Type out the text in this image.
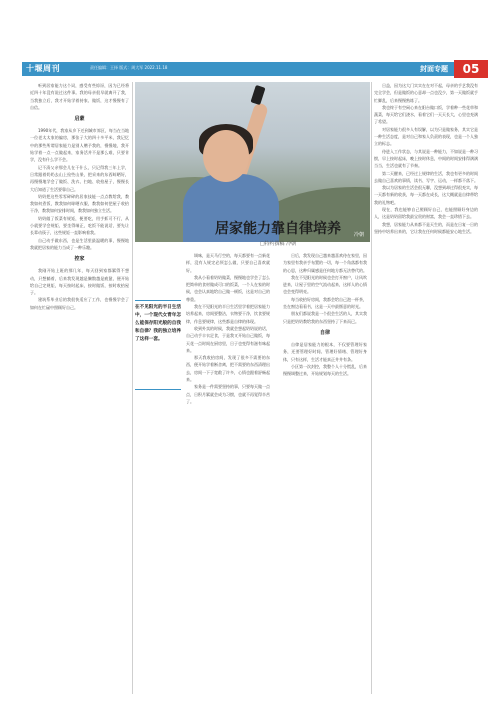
十堰周刊	责任编辑：王择 版式：周大军 2022.11.18	封面专题	05

听到居家能力这个词，感受有些惊讶，因为已经将近四十年没有说过这件事。我的母亲很早就离开了我，当我独立后，我才开始学着持家、做饭，这才慢慢有了自信。

启蒙

1990年代，我家从乡下迁到城市郊区，每当在当地一位老太太家的偏房，那张子大的四十多平米，我记忆中的那些所谓居家能力是别人赠予我的，慢慢地，我开始学着一点一点做起来，家务活并不是那么难，只要肯学，没有什么学不会。

记不清父亲那会儿在干什么，只记得我三年上学，日常跟着奶奶去山上捡些山果，把采来的东西晾晒好，再慢慢地学会了做饭、洗衣、扫地、收拾屋子，慢慢长大后知道了生活要靠自己。

奶奶把这些零零碎碎的居家技能一点点教给我，教我如何煮饭，教我如何晾晒衣服，教我如何把屋子收拾干净，教我如何安排时间，教我如何独立生活。

奶奶做了饭菜有规矩，便要吃，用手抓可不行，从小就要学会规矩，要坐得端正，吃饭不能说话，要先让长辈动筷子，这些规矩一直影响着我。

自己动手做东西，也是生活里最温暖的事，慢慢地我就把居家的能力当成了一种乐趣。

控家

我刚开始上班的那几年，每天回到家都累得不想动，只想躺着，后来我发现越是懒散越是疲惫，便开始给自己定规矩，每天按时起床，按时做饭，按时收拾屋子。

建筑系毕业后的我很快适应了工作，也慢慢学会了如何在忙碌中照顾好自己。

冷朝
居家能力靠自律培养
□特约撰稿 冷朝
在不见阳光的半日生活中，一个现代女青年怎么能保存阳光般的自我和自律？我的独立培养了这样一套。

调味，是天马行空的，每天都要有一点新花样，没有人规定必须怎么做，只要自己喜欢就好。

我从小看着奶奶做菜，慢慢地也学会了怎么把简单的食材做成可口的饭菜，一个人在家的时候，也会认真地给自己做一顿饭，这是对自己的尊重。

我在不见阳光的半日生活里学着把居家能力培养起来，房间要整洁，衣物要干净，饮食要规律，作息要规律，这些都是自律的体现。

收到外卖的时候，我就会想起奶奶说的话，自己动手丰衣足食，于是我又开始自己做饭，每天花一点时间在厨房里，日子也变得有滋有味起来。

那天我收拾房间，发现了很多不需要的东西，便开始学着断舍离，把不需要的东西清理出去，房间一下子宽敞了许多，心情也跟着舒畅起来。

家务是一件需要坚持的事，只要每天做一点点，日积月累就会成为习惯，也就不再觉得辛苦了。

日后，我发现自己越来越喜欢待在家里，因为家里有我亲手布置的一切，每一个角落都有我的心思，这种归属感是任何地方都无法替代的。

我在不见阳光的时候也会打开窗户，让风吹进来，让屋子里的空气流动起来，这样人的心情也会变得明亮。

每当收拾好房间，我都会给自己泡一杯茶，坐在窗边看看书，这是一天中最惬意的时光。

朋友们都说我是一个很会生活的人，其实我只是把奶奶教给我的东西坚持了下来而已。

自律

自律是居家能力的根本，不仅要管理好家务，还要管理好时间、管理好情绪、管理好身体，只有这样，生活才能真正井井有条。

小区第一次封控，我整个人十分慌乱，后来慢慢调整过来，开始规划每天的生活。

日益，因为这大门实实在在对不起，母亲的手艺我没有完全学会，但是做饭的心意却一点也没少，第一天做饭就手忙脚乱，后来慢慢熟练了。

我也终于有空闲心来在阳台做口饭，学着种一些花草和蔬菜，每天给它们浇水，看着它们一天天长大，心里也充满了希望。

对居家能力很多人有误解，以为只是做家务，其实它是一种生活态度，是对自己和家人负责的表现，也是一个人独立的标志。

待进入工作状态，与其说是一种能力，不如说是一种习惯，早上按时起床，晚上按时休息，中间的时间安排得满满当当，生活也就有了节奏。

第二天醒来，已经过上规律的生活，我也有更多的时间去做自己喜欢的事情，读书、写字、运动，一样都不落下。

我以为居家的生活会很无聊，没想到却过得很充实，每一天都有新的收获，每一天都在成长，这大概就是自律带给我的礼物吧。

现在，我也能够自己照顾好自己，也能照顾好身边的人，这是奶奶留给我最宝贵的财富，我会一直珍惜下去。

我想，居家能力从来都不是天生的，而是在日复一日的坚持中培养出来的，它让我在任何时候都能安心地生活。
